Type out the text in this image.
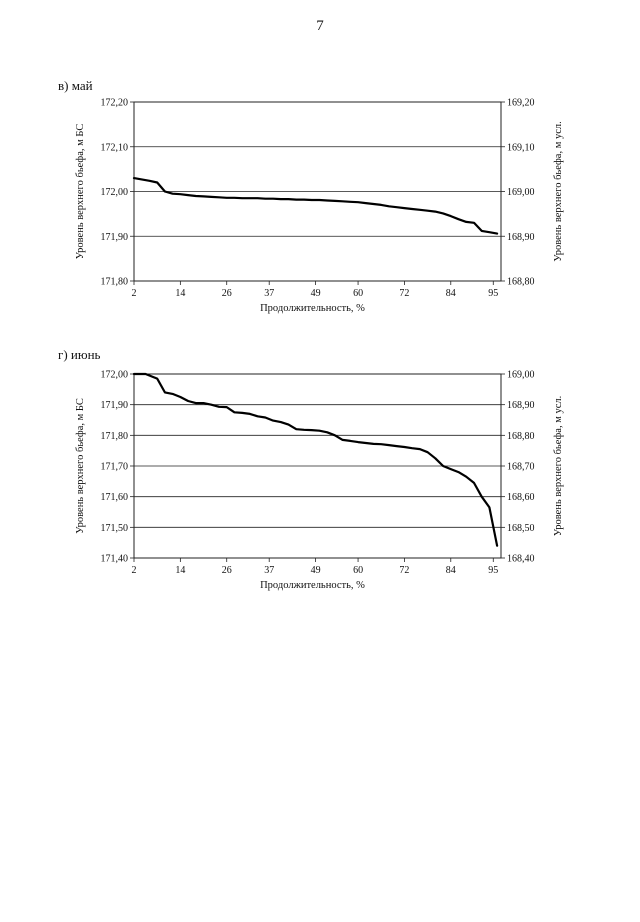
7
в) май
172,20	169,20
172,10	169,10
172,00	169,00
171,90	168,90
171,80	168,80
2	14	26	37	49	60	72	84	95
Продолжительность, %
Уровень верхнего бьефа, м БС	Уровень верхнего бьефа, м усл.
г) июнь
172,00	169,00
171,90	168,90
171,80	168,80
171,70	168,70
171,60	168,60
171,50	168,50
171,40	168,40
2	14	26	37	49	60	72	84	95
Продолжительность, %
Уровень верхнего бьефа, м БС	Уровень верхнего бьефа, м усл.
